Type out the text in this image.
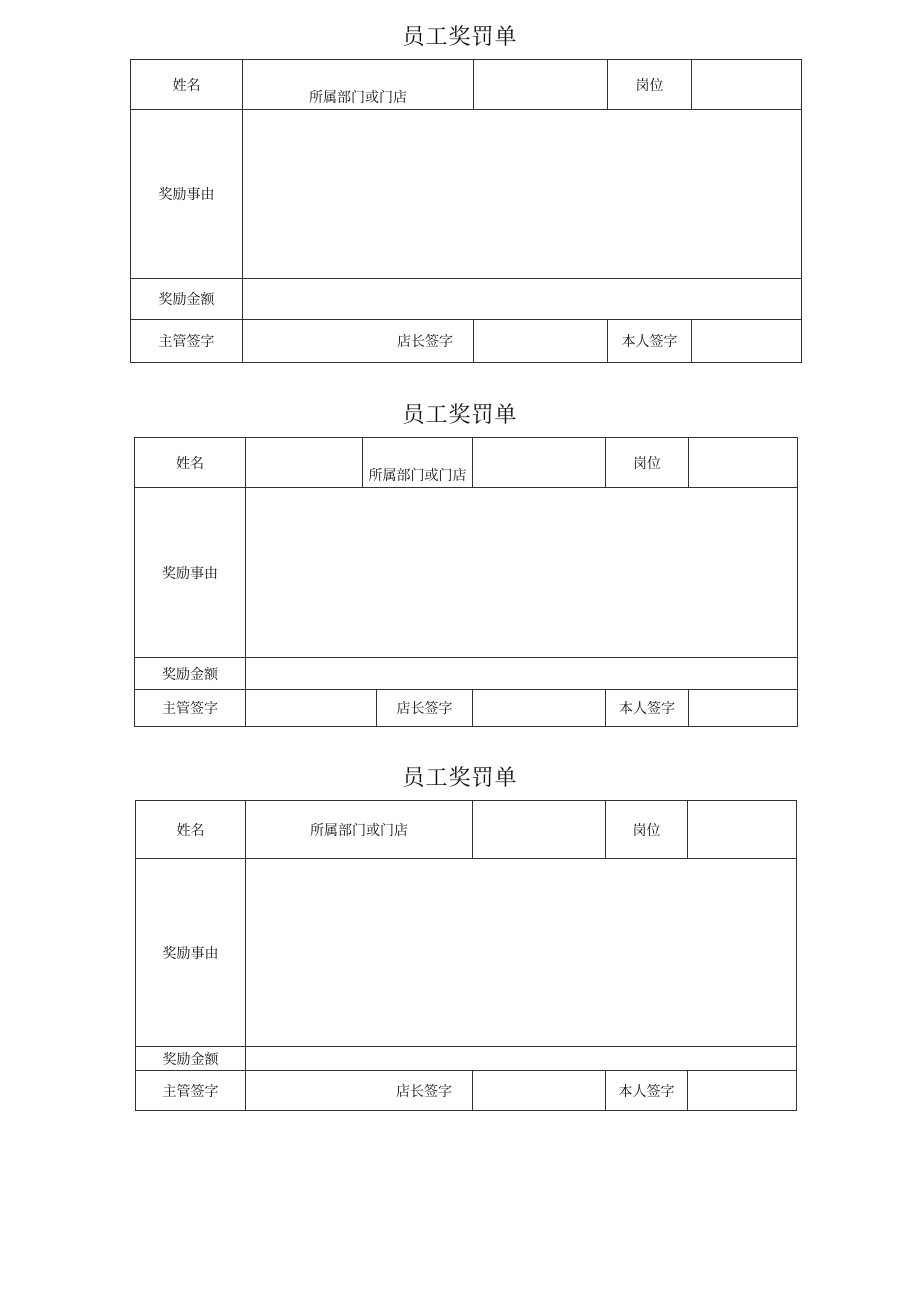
员工奖罚单
姓名	所属部门或门店		岗位	
奖励事由				
奖励金额				
主管签字	店长签字		本人签字	
员工奖罚单
姓名		所属部门或门店		岗位	
奖励事由					
奖励金额					
主管签字	店长签字			本人签字	
员工奖罚单
姓名	所属部门或门店		岗位	
奖励事由				
奖励金额				
主管签字	店长签字		本人签字	
